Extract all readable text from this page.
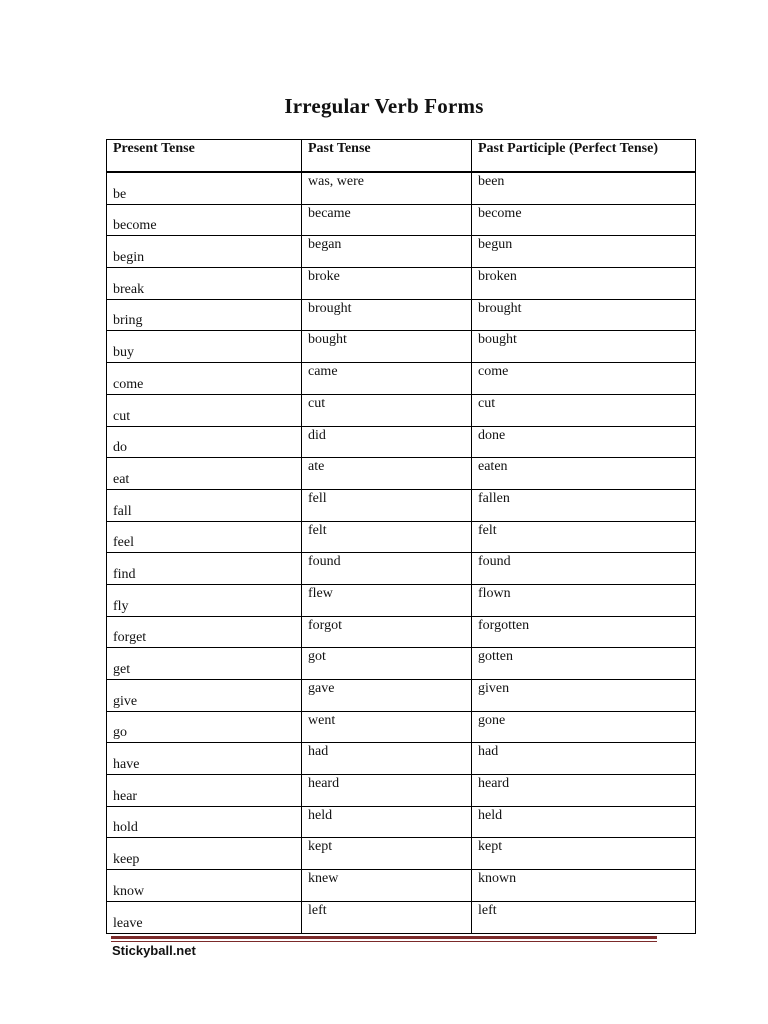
Irregular Verb Forms
Present Tense	Past Tense	Past Participle (Perfect Tense)
be	was, were	been
become	became	become
begin	began	begun
break	broke	broken
bring	brought	brought
buy	bought	bought
come	came	come
cut	cut	cut
do	did	done
eat	ate	eaten
fall	fell	fallen
feel	felt	felt
find	found	found
fly	flew	flown
forget	forgot	forgotten
get	got	gotten
give	gave	given
go	went	gone
have	had	had
hear	heard	heard
hold	held	held
keep	kept	kept
know	knew	known
leave	left	left
Stickyball.net
